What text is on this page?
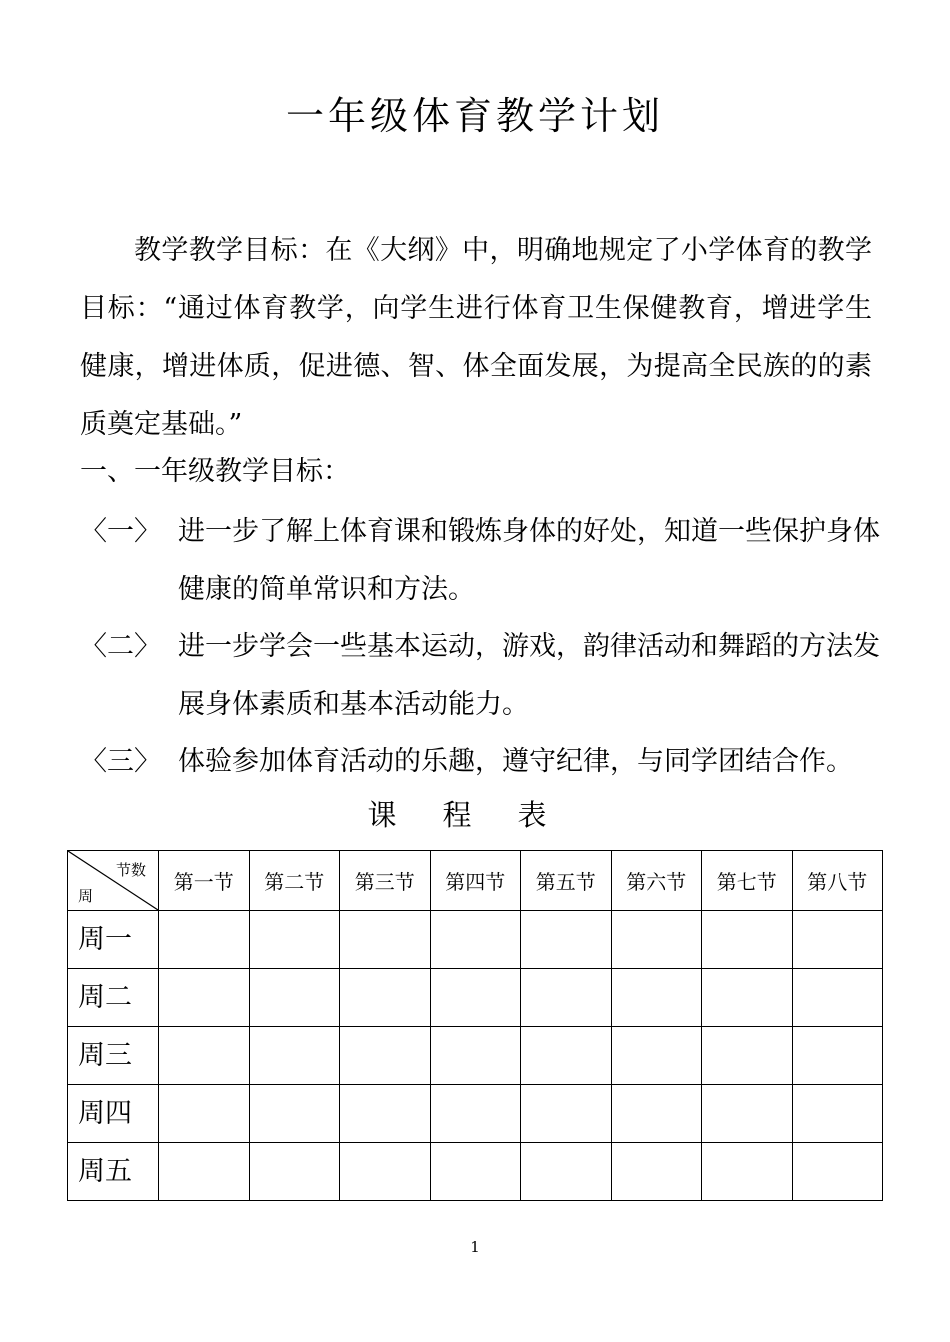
一年级体育教学计划

教学教学目标：在《大纲》中，明确地规定了小学体育的教学目标：“通过体育教学，向学生进行体育卫生保健教育，增进学生健康，增进体质，促进德、智、体全面发展，为提高全民族的的素质奠定基础。”

一、一年级教学目标：
〈一〉 进一步了解上体育课和锻炼身体的好处，知道一些保护身体健康的简单常识和方法。
〈二〉 进一步学会一些基本运动，游戏，韵律活动和舞蹈的方法发展身体素质和基本活动能力。
〈三〉 体验参加体育活动的乐趣，遵守纪律，与同学团结合作。
课程表
节数
周	第一节	第二节	第三节	第四节	第五节	第六节	第七节	第八节
周一								
周二								
周三								
周四								
周五								
1
